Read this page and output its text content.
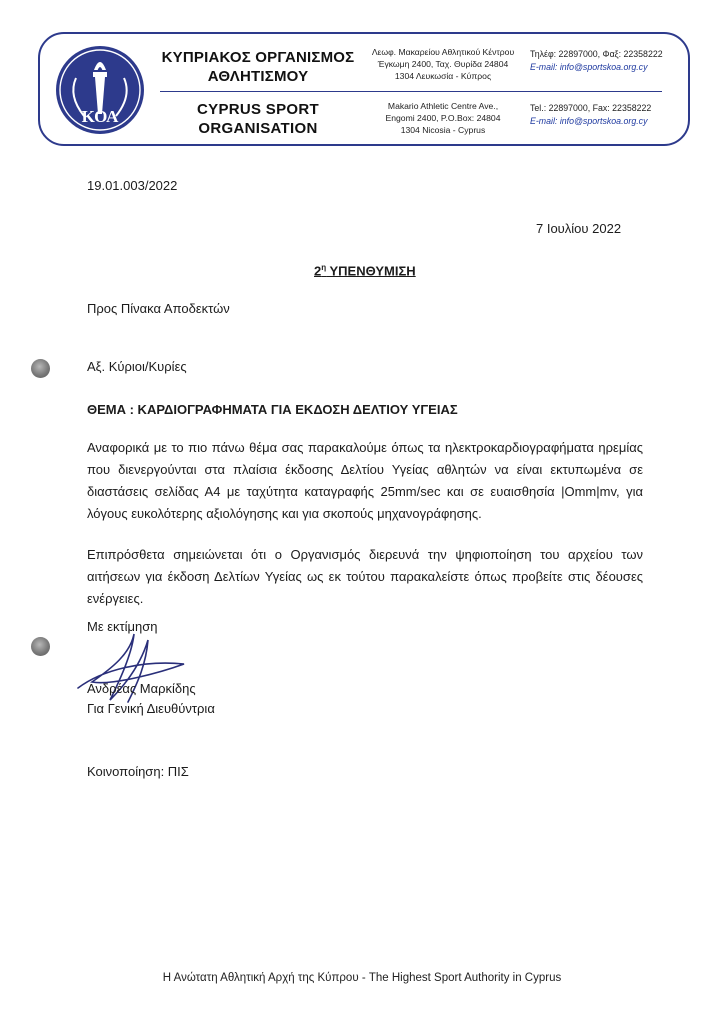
ΚΟΑ
ΚΥΠΡΙΑΚΟΣ ΟΡΓΑΝΙΣΜΟΣ
ΑΘΛΗΤΙΣΜΟΥ
CYPRUS SPORT
ORGANISATION
Λεωφ. Μακαρείου Αθλητικού Κέντρου
Έγκωμη 2400, Ταχ. Θυρίδα 24804
1304 Λευκωσία - Κύπρος
Makario Athletic Centre Ave.,
Engomi 2400, P.O.Box: 24804
1304 Nicosia - Cyprus
Τηλέφ: 22897000, Φαξ: 22358222
E-mail: info@sportskoa.org.cy
Tel.: 22897000, Fax: 22358222
E-mail: info@sportskoa.org.cy
19.01.003/2022
7 Ιουλίου 2022
$2^\eta$ ΥΠΕΝΘΥΜΙΣΗ
Προς Πίνακα Αποδεκτών
Αξ. Κύριοι/Κυρίες
ΘΕΜΑ : ΚΑΡΔΙΟΓΡΑΦΗΜΑΤΑ ΓΙΑ ΕΚΔΟΣΗ ΔΕΛΤΙΟΥ ΥΓΕΙΑΣ
Αναφορικά με το πιο πάνω θέμα σας παρακαλούμε όπως τα ηλεκτροκαρδιογραφήματα ηρεμίας που διενεργούνται στα πλαίσια έκδοσης Δελτίου Υγείας αθλητών να είναι εκτυπωμένα σε διαστάσεις σελίδας Α4 με ταχύτητα καταγραφής 25mm/sec και σε ευαισθησία |Omm|mv, για λόγους ευκολότερης αξιολόγησης και για σκοπούς μηχανογράφησης.
Επιπρόσθετα σημειώνεται ότι ο Οργανισμός διερευνά την ψηφιοποίηση του αρχείου των αιτήσεων για έκδοση Δελτίων Υγείας ως εκ τούτου παρακαλείστε όπως προβείτε στις δέουσες ενέργειες.
Με εκτίμηση
Ανδρέας Μαρκίδης
Για Γενική Διευθύντρια
Κοινοποίηση: ΠΙΣ
Η Ανώτατη Αθλητική Αρχή της Κύπρου - The Highest Sport Authority in Cyprus
